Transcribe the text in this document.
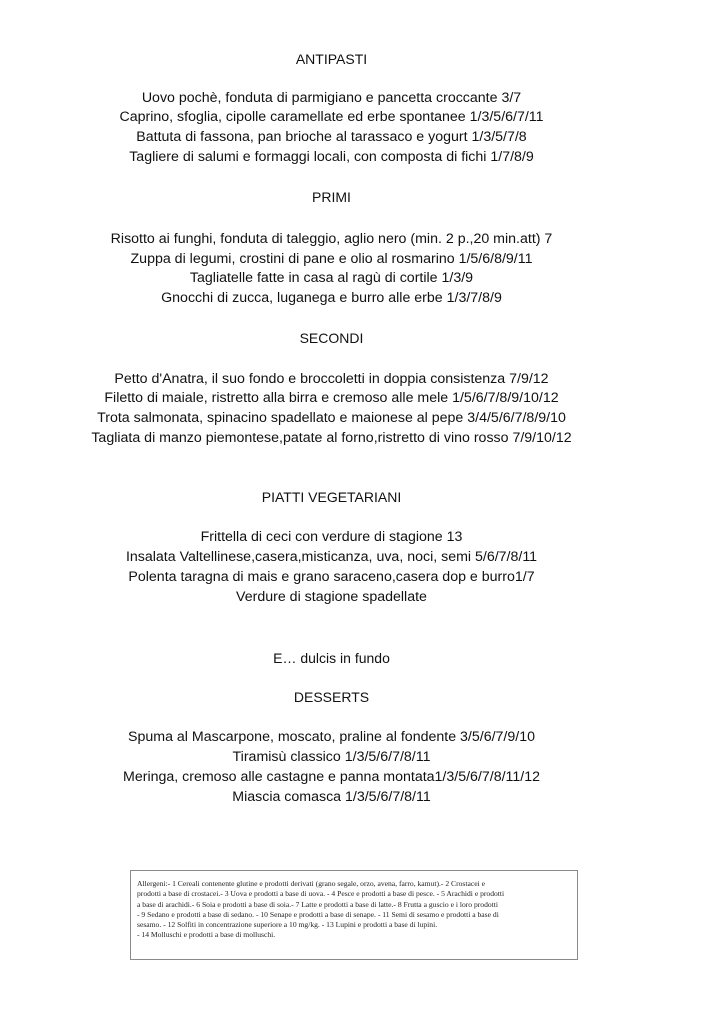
ANTIPASTI
Uovo pochè, fonduta di parmigiano e pancetta croccante 3/7
Caprino, sfoglia, cipolle caramellate ed erbe spontanee 1/3/5/6/7/11
Battuta di fassona, pan brioche al tarassaco e yogurt 1/3/5/7/8
Tagliere di salumi e formaggi locali, con composta di fichi 1/7/8/9
PRIMI
Risotto ai funghi, fonduta di taleggio, aglio nero (min. 2 p.,20 min.att) 7
Zuppa di legumi, crostini di pane e olio al rosmarino 1/5/6/8/9/11
Tagliatelle fatte in casa al ragù di cortile 1/3/9
Gnocchi di zucca, luganega e burro alle erbe 1/3/7/8/9
SECONDI
Petto d'Anatra, il suo fondo e broccoletti in doppia consistenza 7/9/12
Filetto di maiale, ristretto alla birra e cremoso alle mele 1/5/6/7/8/9/10/12
Trota salmonata, spinacino spadellato e maionese al pepe 3/4/5/6/7/8/9/10
Tagliata di manzo piemontese,patate al forno,ristretto di vino rosso 7/9/10/12
PIATTI VEGETARIANI
Frittella di ceci con verdure di stagione 13
Insalata Valtellinese,casera,misticanza, uva, noci, semi 5/6/7/8/11
Polenta taragna di mais e grano saraceno,casera dop e burro1/7
Verdure di stagione spadellate
E… dulcis in fundo
DESSERTS
Spuma al Mascarpone, moscato, praline al fondente 3/5/6/7/9/10
Tiramisù classico 1/3/5/6/7/8/11
Meringa, cremoso alle castagne e panna montata1/3/5/6/7/8/11/12
Miascia comasca 1/3/5/6/7/8/11
Allergeni:- 1 Cereali contenente glutine e prodotti derivati (grano segale, orzo, avena, farro, kamut).- 2 Crostacei e
prodotti a base di crostacei.- 3 Uova e prodotti a base di uova. - 4 Pesce e prodotti a base di pesce. - 5 Arachidi e prodotti
a base di arachidi.- 6 Soia e prodotti a base di soia.- 7 Latte e prodotti a base di latte.- 8 Frutta a guscio e i loro prodotti
- 9 Sedano e prodotti a base di sedano. - 10 Senape e prodotti a base di senape. - 11 Semi di sesamo e prodotti a base di
sesamo. - 12 Solfiti in concentrazione superiore a 10 mg/kg. - 13 Lupini e prodotti a base di lupini.
- 14 Molluschi e prodotti a base di molluschi.
